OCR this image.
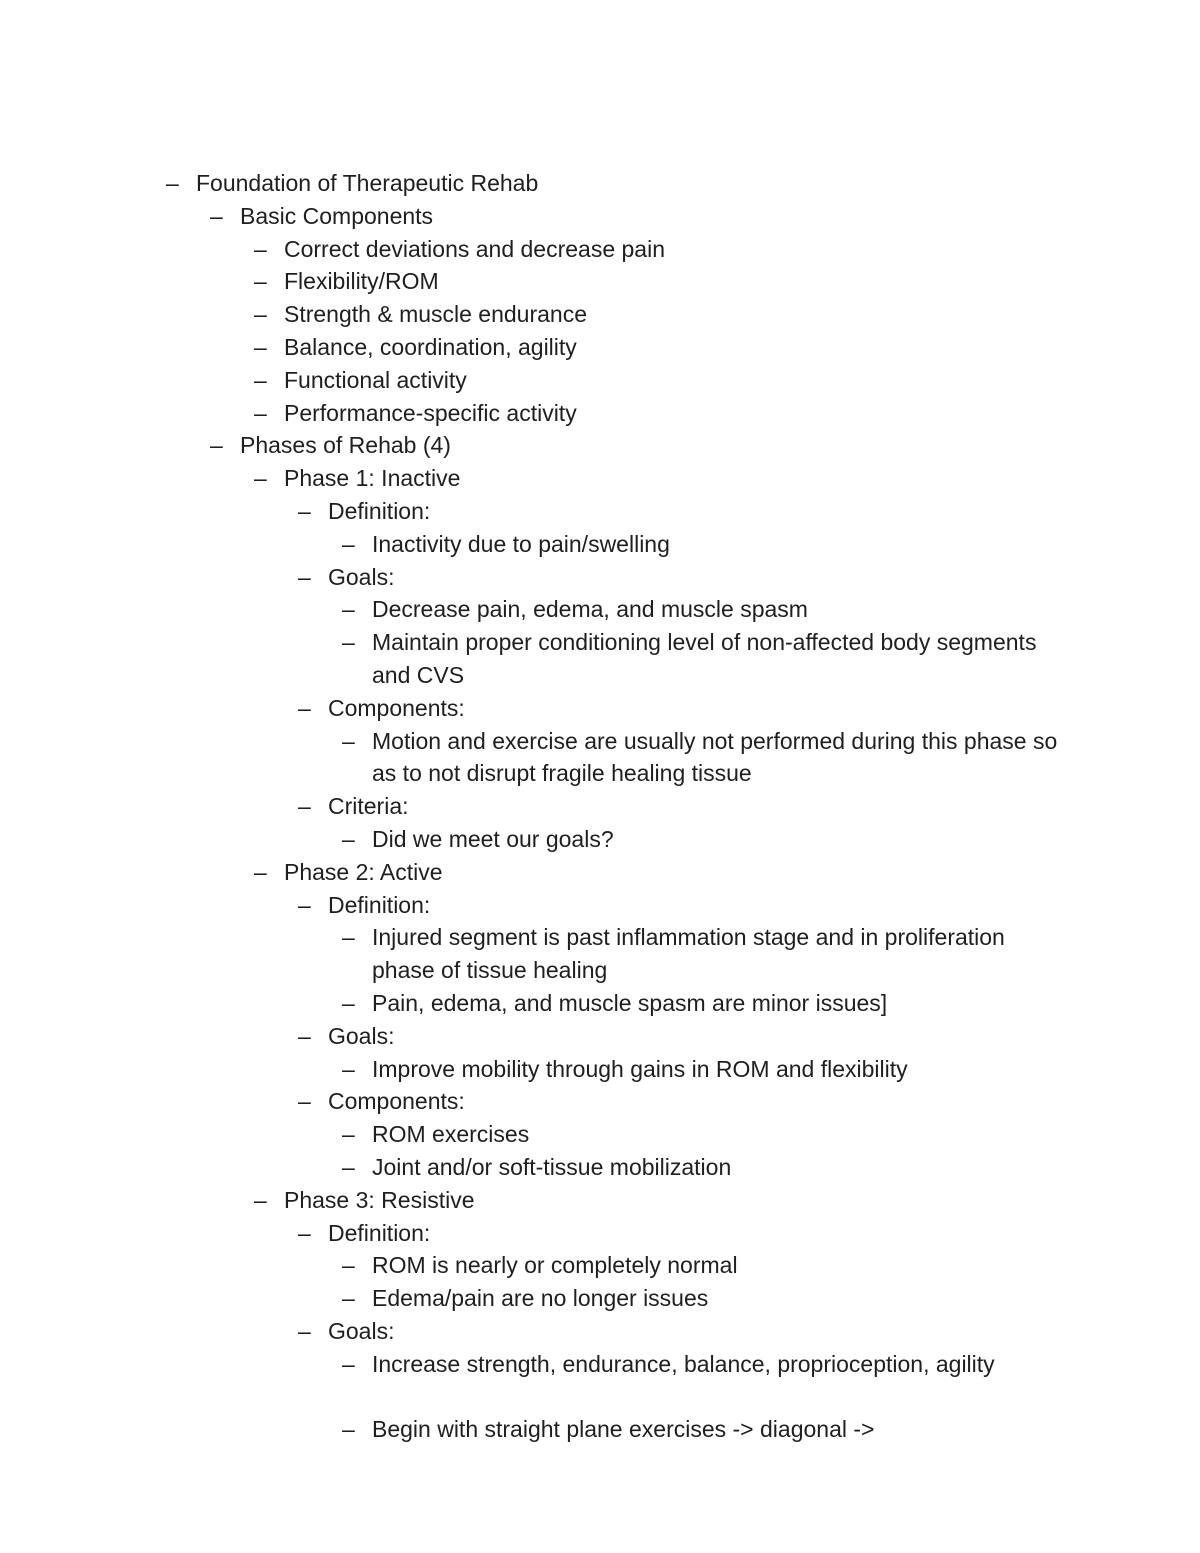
– Foundation of Therapeutic Rehab
– Basic Components
– Correct deviations and decrease pain
– Flexibility/ROM
– Strength & muscle endurance
– Balance, coordination, agility
– Functional activity
– Performance-specific activity
– Phases of Rehab (4)
– Phase 1: Inactive
– Definition:
– Inactivity due to pain/swelling
– Goals:
– Decrease pain, edema, and muscle spasm
– Maintain proper conditioning level of non-affected body segments and CVS
– Components:
– Motion and exercise are usually not performed during this phase so as to not disrupt fragile healing tissue
– Criteria:
– Did we meet our goals?
– Phase 2: Active
– Definition:
– Injured segment is past inflammation stage and in proliferation phase of tissue healing
– Pain, edema, and muscle spasm are minor issues]
– Goals:
– Improve mobility through gains in ROM and flexibility
– Components:
– ROM exercises
– Joint and/or soft-tissue mobilization
– Phase 3: Resistive
– Definition:
– ROM is nearly or completely normal
– Edema/pain are no longer issues
– Goals:
– Increase strength, endurance, balance, proprioception, agility
– Begin with straight plane exercises -> diagonal ->
